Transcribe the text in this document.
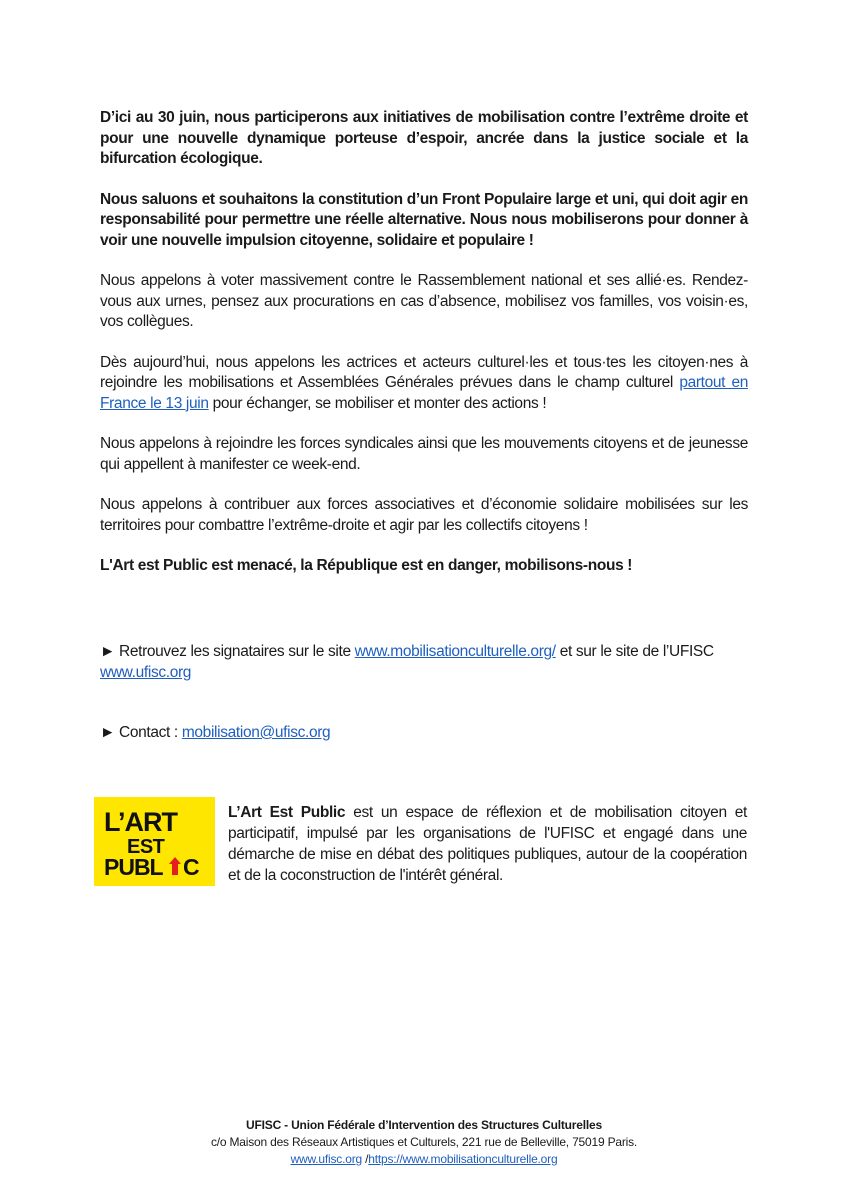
D’ici au 30 juin, nous participerons aux initiatives de mobilisation contre l’extrême droite et pour une nouvelle dynamique porteuse d’espoir, ancrée dans la justice sociale et la bifurcation écologique.

Nous saluons et souhaitons la constitution d’un Front Populaire large et uni, qui doit agir en responsabilité pour permettre une réelle alternative. Nous nous mobiliserons pour donner à voir une nouvelle impulsion citoyenne, solidaire et populaire !

Nous appelons à voter massivement contre le Rassemblement national et ses allié·es. Rendez-vous aux urnes, pensez aux procurations en cas d’absence, mobilisez vos familles, vos voisin·es, vos collègues.

Dès aujourd’hui, nous appelons les actrices et acteurs culturel·les et tous·tes les citoyen·nes à rejoindre les mobilisations et Assemblées Générales prévues dans le champ culturel partout en France le 13 juin pour échanger, se mobiliser et monter des actions !

Nous appelons à rejoindre les forces syndicales ainsi que les mouvements citoyens et de jeunesse qui appellent à manifester ce week-end.

Nous appelons à contribuer aux forces associatives et d’économie solidaire mobilisées sur les territoires pour combattre l’extrême-droite et agir par les collectifs citoyens !

L'Art est Public est menacé, la République est en danger, mobilisons-nous !

► Retrouvez les signataires sur le site www.mobilisationculturelle.org/ et sur le site de l’UFISC www.ufisc.org

► Contact : mobilisation@ufisc.org
L’ART
EST
PUBL C
L’Art Est Public est un espace de réflexion et de mobilisation citoyen et participatif, impulsé par les organisations de l'UFISC et engagé dans une démarche de mise en débat des politiques publiques, autour de la coopération et de la coconstruction de l'intérêt général.
UFISC - Union Fédérale d’Intervention des Structures Culturelles
c/o Maison des Réseaux Artistiques et Culturels, 221 rue de Belleville, 75019 Paris.
www.ufisc.org /https://www.mobilisationculturelle.org
